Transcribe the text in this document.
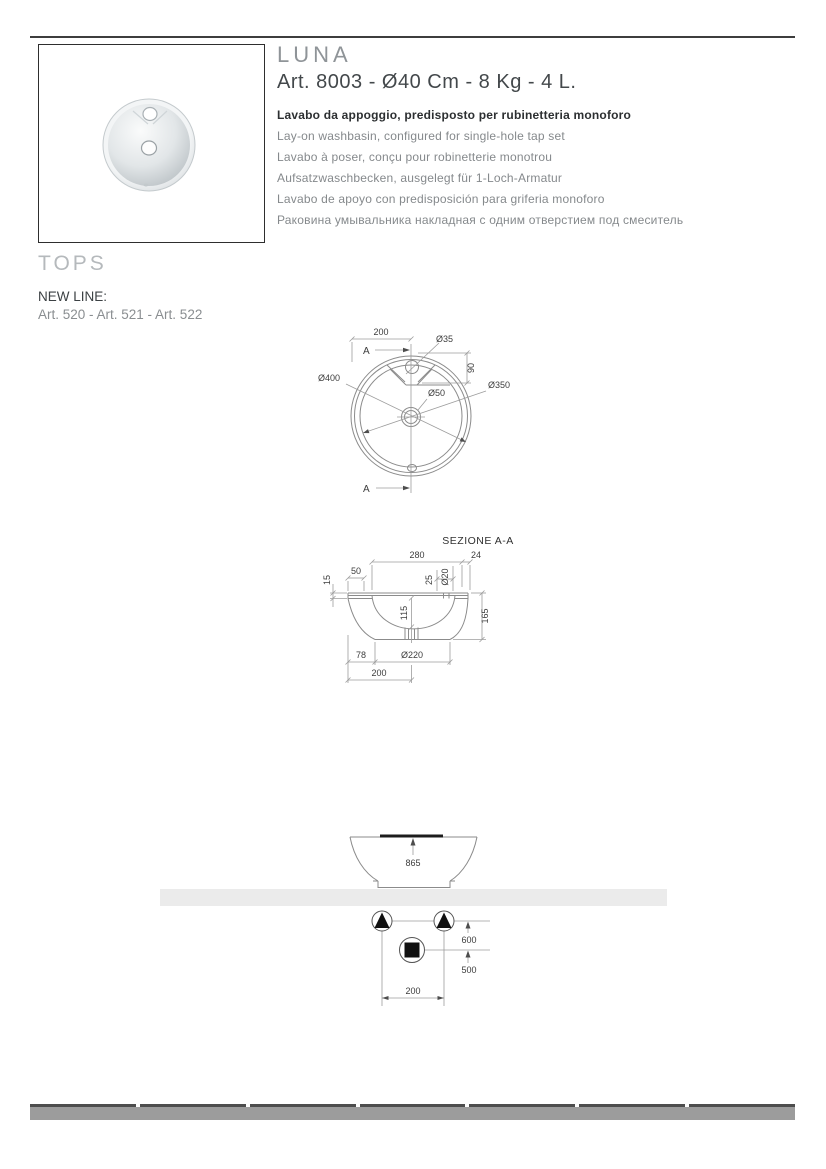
LUNA
Art. 8003 - Ø40 Cm - 8 Kg - 4 L.
Lavabo da appoggio, predisposto per rubinetteria monoforo
Lay-on washbasin, configured for single-hole tap set
Lavabo à poser, conçu pour robinetterie monotrou
Aufsatzwaschbecken, ausgelegt für 1-Loch-Armatur
Lavabo de apoyo con predisposición para griferia monoforo
Раковина умывальника накладная с одним отверстием под смеситель
TOPS
NEW LINE:
Art. 520 - Art. 521 - Art. 522
200
A
Ø35
90
Ø400
Ø350
Ø50
A
SEZIONE A-A
280	24
50
15	25 Ø20
115	165
78	Ø220
200
865
600
500
200
